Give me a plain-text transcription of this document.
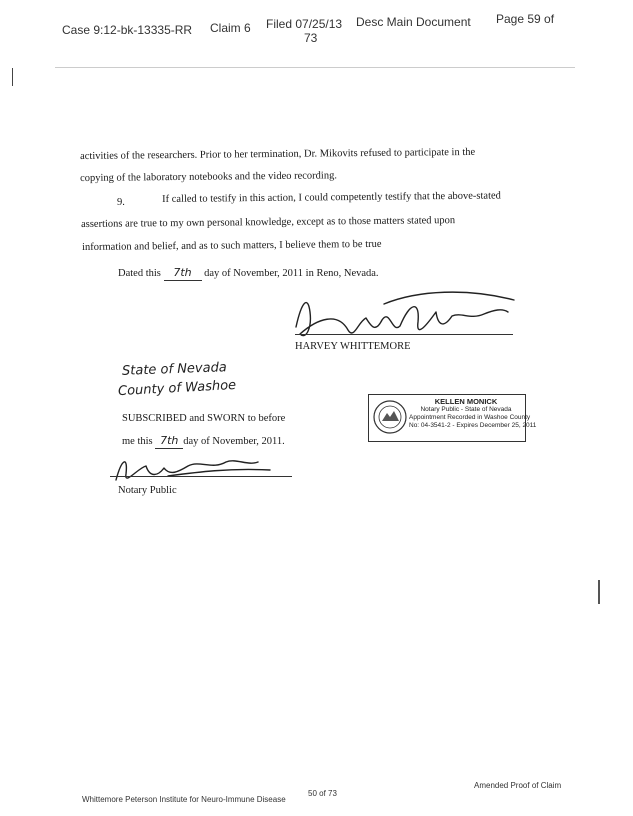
Case 9:12-bk-13335-RR Claim 6 Filed 07/25/13
73
Desc Main Document Page 59 of
activities of the researchers. Prior to her termination, Dr. Mikovits refused to participate in the
copying of the laboratory notebooks and the video recording.
9.	If called to testify in this action, I could competently testify that the above-stated
assertions are true to my own personal knowledge, except as to those matters stated upon
information and belief, and as to such matters, I believe them to be true
Dated this 7th day of November, 2011 in Reno, Nevada.
HARVEY WHITTEMORE
State of Nevada
County of Washoe
SUBSCRIBED and SWORN to before
me this 7th day of November, 2011.
Notary Public
KELLEN MONICK
Notary Public - State of Nevada
Appointment Recorded in Washoe County
No: 04-3541-2 - Expires December 25, 2011
Whittemore Peterson Institute for Neuro-Immune Disease
50 of 73
Amended Proof of Claim
